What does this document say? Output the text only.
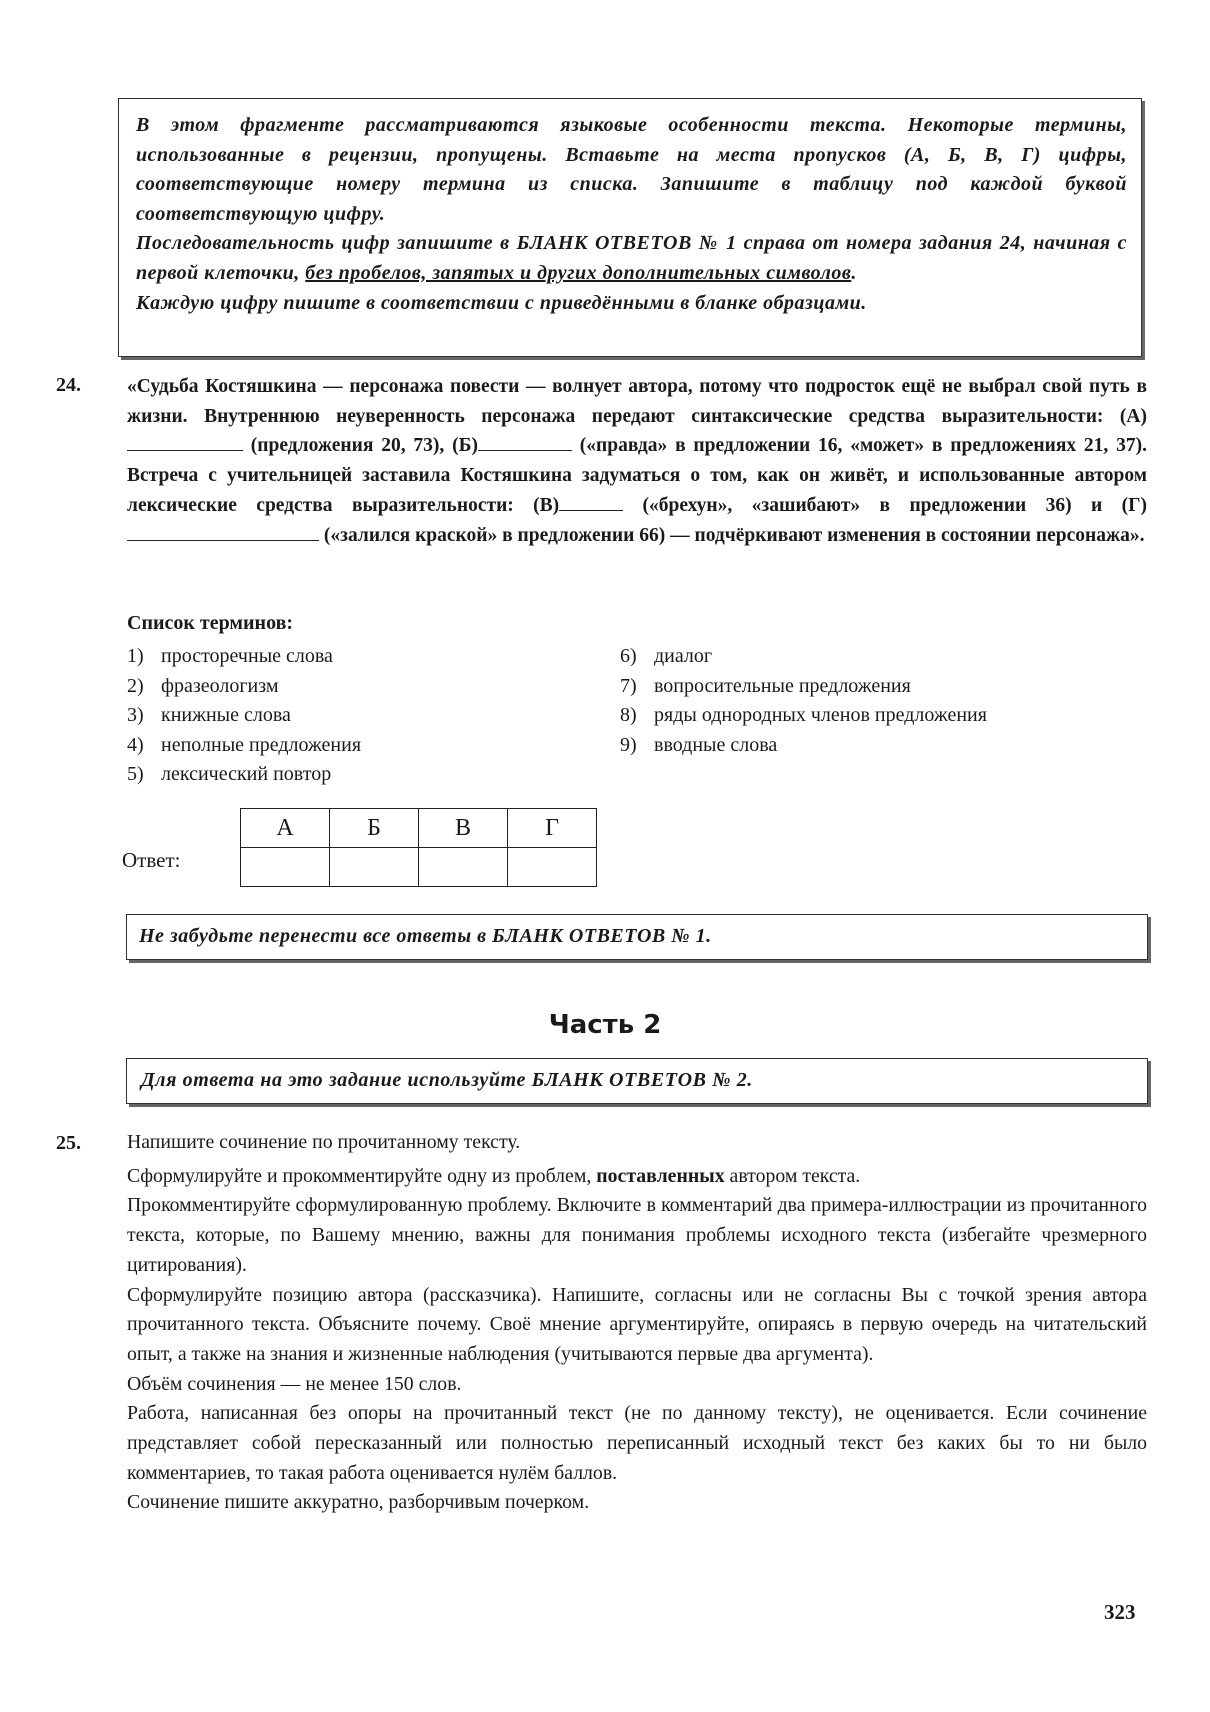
В этом фрагменте рассматриваются языковые особенности текста. Некоторые термины, использованные в рецензии, пропущены. Вставьте на места пропусков (А, Б, В, Г) цифры, соответствующие номеру термина из списка. Запишите в таблицу под каждой буквой соответствующую цифру.

Последовательность цифр запишите в БЛАНК ОТВЕТОВ № 1 справа от номера задания 24, начиная с первой клеточки, без пробелов, запятых и других дополнительных символов.

Каждую цифру пишите в соответствии с приведёнными в бланке образцами.

24. «Судьба Костяшкина — персонажа повести — волнует автора, потому что подросток ещё не выбрал свой путь в жизни. Внутреннюю неуверенность персонажа передают синтаксические средства выразительности: (А) (предложения 20, 73), (Б)	(«правда» в предложении 16, «может» в предложениях 21, 37). Встреча с учительницей заставила Костяшкина задуматься о том, как он живёт, и использованные автором лексические средства выразительности: (В)	(«брехун», «зашибают» в предложении 36) и (Г) («залился краской» в предложении 66) — подчёркивают изменения в состоянии персонажа».

Список терминов:
1) просторечные слова
2) фразеологизм
3) книжные слова
4) неполные предложения
5) лексический повтор
6) диалог
7) вопросительные предложения
8) ряды однородных членов предложения
9) вводные слова
Ответ:
А	Б	В	Г

Не забудьте перенести все ответы в БЛАНК ОТВЕТОВ № 1.
Часть 2
Для ответа на это задание используйте БЛАНК ОТВЕТОВ № 2.
25. Напишите сочинение по прочитанному тексту.

Сформулируйте и прокомментируйте одну из проблем, поставленных автором текста.

Прокомментируйте сформулированную проблему. Включите в комментарий два примера-иллюстрации из прочитанного текста, которые, по Вашему мнению, важны для понимания проблемы исходного текста (избегайте чрезмерного цитирования).

Сформулируйте позицию автора (рассказчика). Напишите, согласны или не согласны Вы с точкой зрения автора прочитанного текста. Объясните почему. Своё мнение аргументируйте, опираясь в первую очередь на читательский опыт, а также на знания и жизненные наблюдения (учитываются первые два аргумента).

Объём сочинения — не менее 150 слов.

Работа, написанная без опоры на прочитанный текст (не по данному тексту), не оценивается. Если сочинение представляет собой пересказанный или полностью переписанный исходный текст без каких бы то ни было комментариев, то такая работа оценивается нулём баллов.

Сочинение пишите аккуратно, разборчивым почерком.

323
